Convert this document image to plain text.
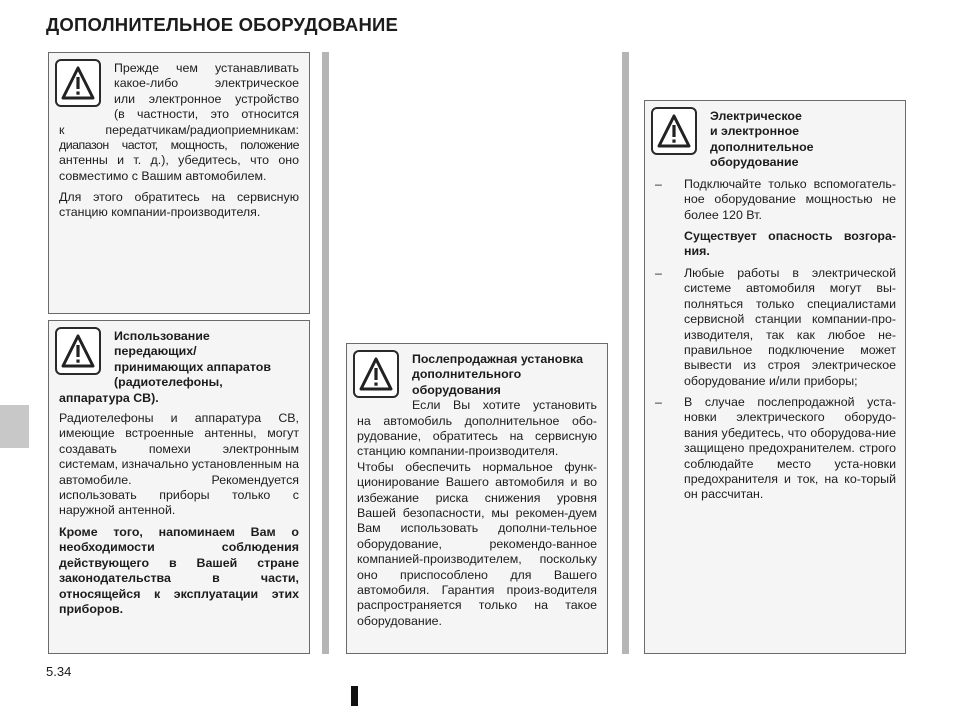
ДОПОЛНИТЕЛЬНОЕ ОБОРУДОВАНИЕ

Прежде чем устанавливать

какое-либо электрическое

или электронное устройство

(в частности, это относится

к передатчикам/радиоприемникам:

диапазон частот, мощность, положение

антенны и т. д.), убедитесь, что оно

совместимо с Вашим автомобилем.

Для этого обратитесь на сервисную станцию компании-производителя.

Использование

передающих/

принимающих аппаратов

(радиотелефоны,

аппаратура СВ).

Радиотелефоны и аппаратура CB, имеющие встроенные антенны, могут создавать помехи электронным системам, изначально установленным на автомобиле. Рекомендуется использовать приборы только с наружной антенной.

Кроме того, напоминаем Вам о необходимости соблюдения действующего в Вашей стране законодательства в части, относящейся к эксплуатации этих приборов.

Послепродажная установка

дополнительного

оборудования

Если Вы хотите установить

на автомобиль дополнительное обо-рудование, обратитесь на сервисную станцию компании-производителя.

Чтобы обеспечить нормальное функ-ционирование Вашего автомобиля и во избежание риска снижения уровня Вашей безопасности, мы рекомен-дуем Вам использовать дополни-тельное оборудование, рекомендо-ванное компанией-производителем, поскольку оно приспособлено для Вашего автомобиля. Гарантия произ-водителя распространяется только на такое оборудование.

Электрическое

и электронное

дополнительное

оборудование

– Подключайте только вспомогатель-ное оборудование мощностью не более 120 Вт.

Существует опасность возгора-ния.

– Любые работы в электрической системе автомобиля могут вы-полняться только специалистами сервисной станции компании-про-изводителя, так как любое не-правильное подключение может вывести из строя электрическое оборудование и/или приборы;
– В случае послепродажной уста-новки электрического оборудо-вания убедитесь, что оборудова-ние защищено предохранителем. строго соблюдайте место уста-новки предохранителя и ток, на ко-торый он рассчитан.

5.34
